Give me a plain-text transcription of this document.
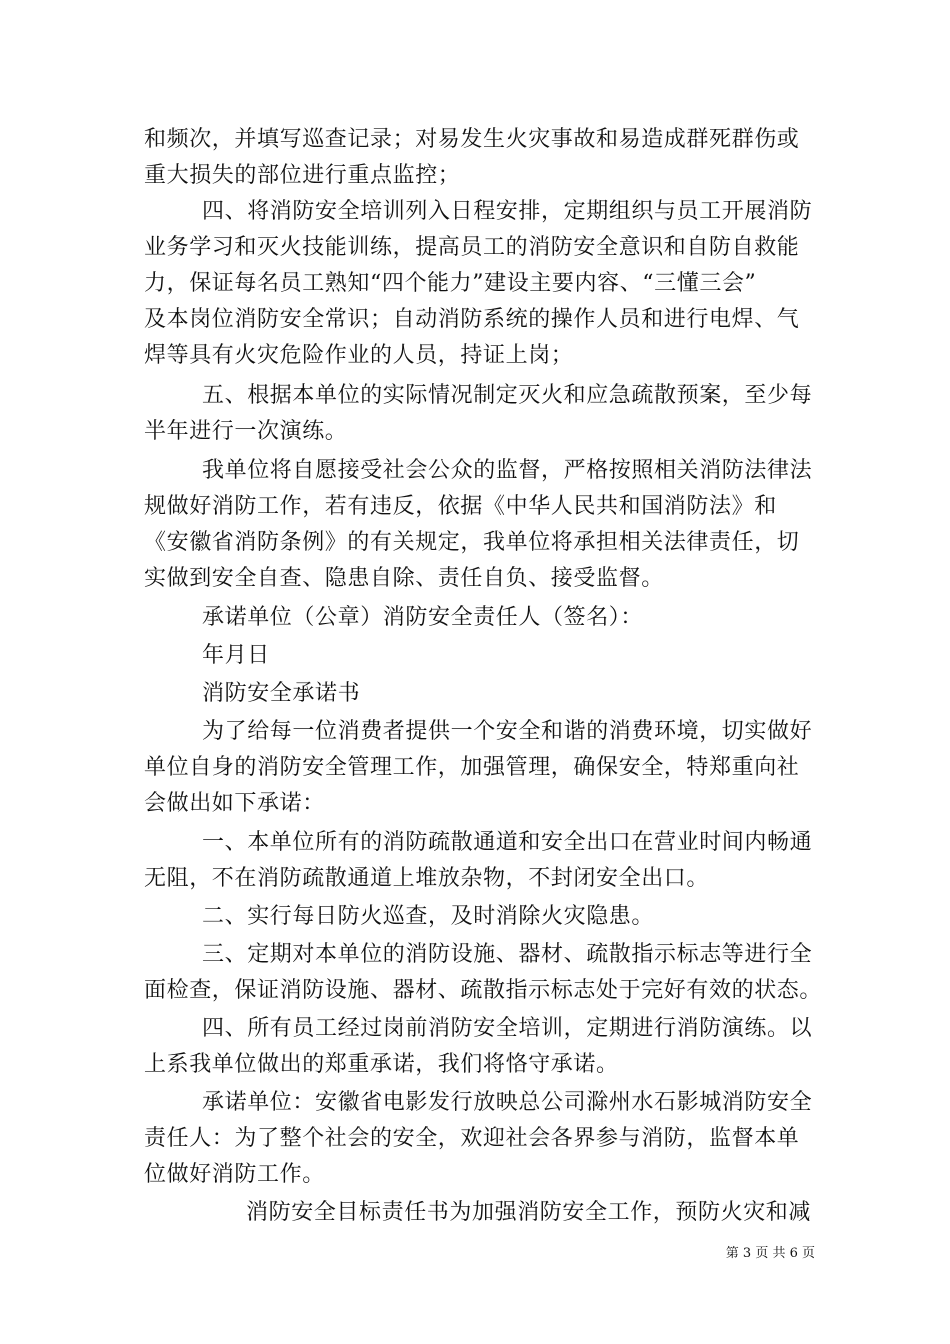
和频次，并填写巡查记录；对易发生火灾事故和易造成群死群伤或
重大损失的部位进行重点监控；
四、将消防安全培训列入日程安排，定期组织与员工开展消防
业务学习和灭火技能训练，提高员工的消防安全意识和自防自救能
力，保证每名员工熟知“四个能力”建设主要内容、“三懂三会”
及本岗位消防安全常识；自动消防系统的操作人员和进行电焊、气
焊等具有火灾危险作业的人员，持证上岗；
五、根据本单位的实际情况制定灭火和应急疏散预案，至少每
半年进行一次演练。
我单位将自愿接受社会公众的监督，严格按照相关消防法律法
规做好消防工作，若有违反，依据《中华人民共和国消防法》和
《安徽省消防条例》的有关规定，我单位将承担相关法律责任，切
实做到安全自查、隐患自除、责任自负、接受监督。
承诺单位（公章）消防安全责任人（签名）：
年月日
消防安全承诺书
为了给每一位消费者提供一个安全和谐的消费环境，切实做好
单位自身的消防安全管理工作，加强管理，确保安全，特郑重向社
会做出如下承诺：
一、本单位所有的消防疏散通道和安全出口在营业时间内畅通
无阻，不在消防疏散通道上堆放杂物，不封闭安全出口。
二、实行每日防火巡查，及时消除火灾隐患。
三、定期对本单位的消防设施、器材、疏散指示标志等进行全
面检查，保证消防设施、器材、疏散指示标志处于完好有效的状态。
四、所有员工经过岗前消防安全培训，定期进行消防演练。以
上系我单位做出的郑重承诺，我们将恪守承诺。
承诺单位：安徽省电影发行放映总公司滁州水石影城消防安全
责任人：为了整个社会的安全，欢迎社会各界参与消防，监督本单
位做好消防工作。
消防安全目标责任书为加强消防安全工作，预防火灾和减
第 3 页 共 6 页
